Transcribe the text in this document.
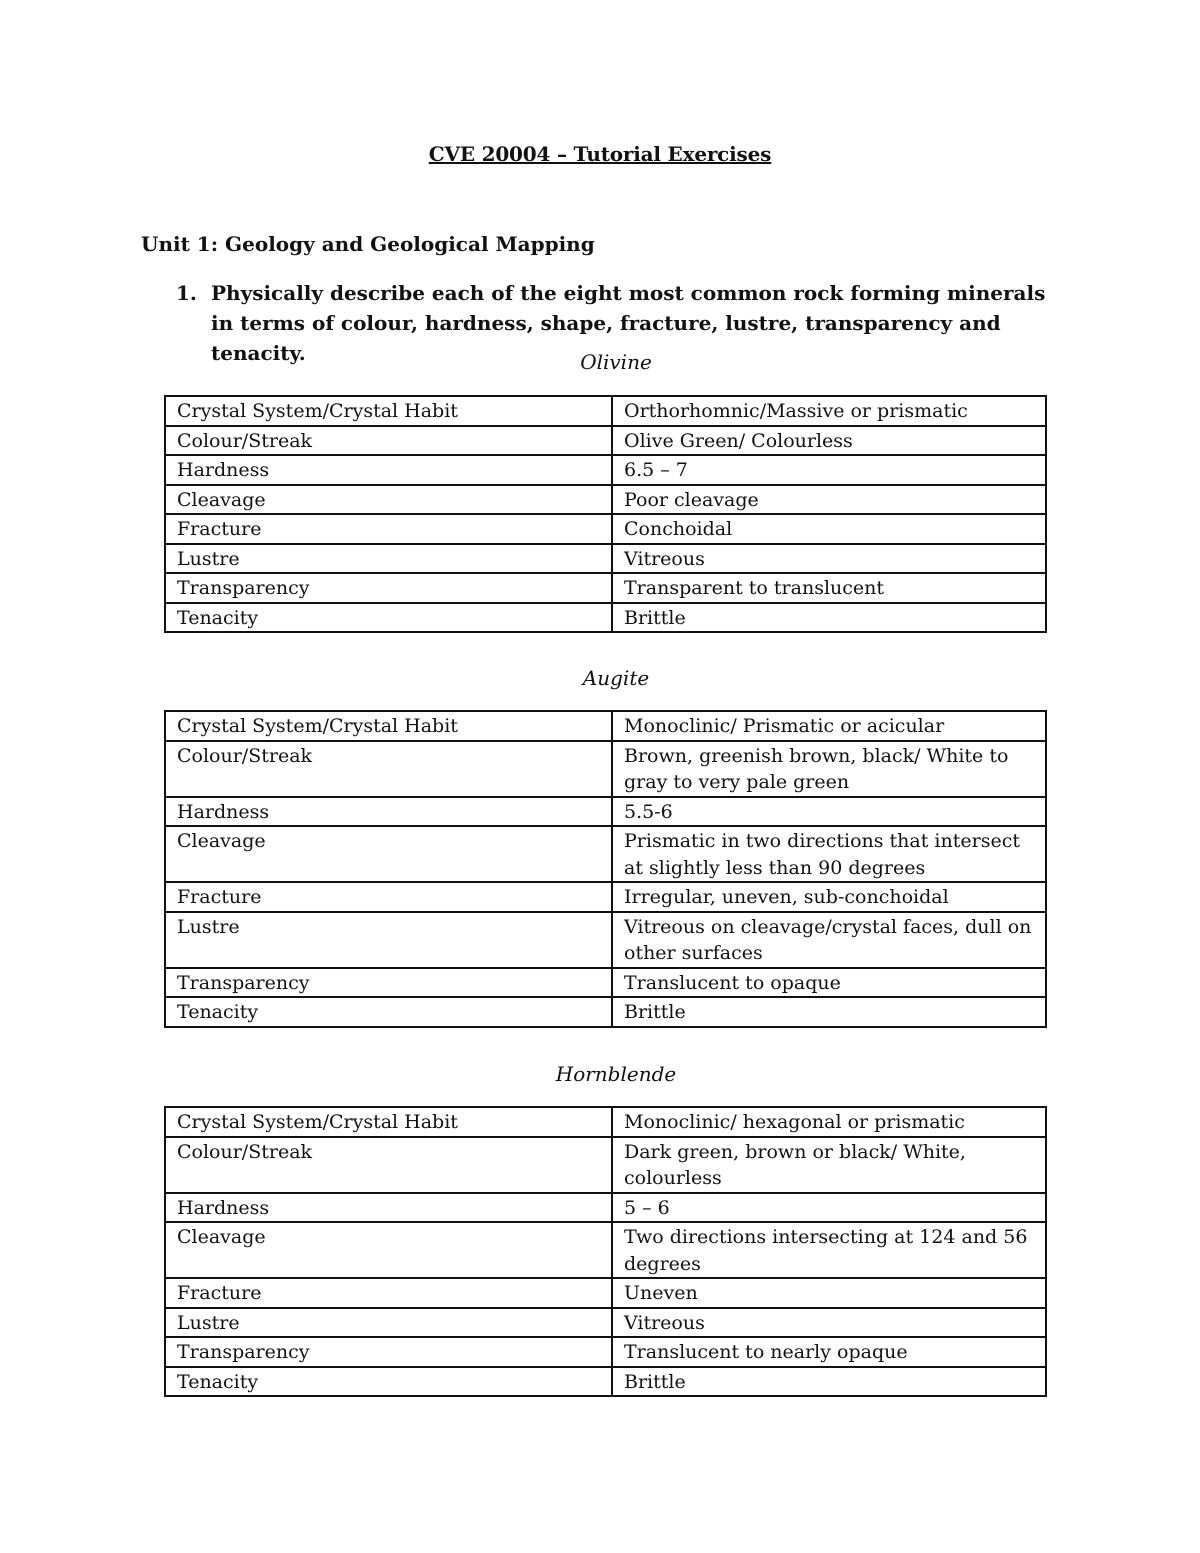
CVE 20004 – Tutorial Exercises
Unit 1: Geology and Geological Mapping
1. Physically describe each of the eight most common rock forming minerals in terms of colour, hardness, shape, fracture, lustre, transparency and tenacity.	Olivine
Crystal System/Crystal Habit	Orthorhomnic/Massive or prismatic
Colour/Streak	Olive Green/ Colourless
Hardness	6.5 – 7
Cleavage	Poor cleavage
Fracture	Conchoidal
Lustre	Vitreous
Transparency	Transparent to translucent
Tenacity	Brittle
Augite
Crystal System/Crystal Habit	Monoclinic/ Prismatic or acicular
Colour/Streak	Brown, greenish brown, black/ White to gray to very pale green
Hardness	5.5-6
Cleavage	Prismatic in two directions that intersect at slightly less than 90 degrees
Fracture	Irregular, uneven, sub-conchoidal
Lustre	Vitreous on cleavage/crystal faces, dull on other surfaces
Transparency	Translucent to opaque
Tenacity	Brittle
Hornblende
Crystal System/Crystal Habit	Monoclinic/ hexagonal or prismatic
Colour/Streak	Dark green, brown or black/ White, colourless
Hardness	5 – 6
Cleavage	Two directions intersecting at 124 and 56 degrees
Fracture	Uneven
Lustre	Vitreous
Transparency	Translucent to nearly opaque
Tenacity	Brittle
